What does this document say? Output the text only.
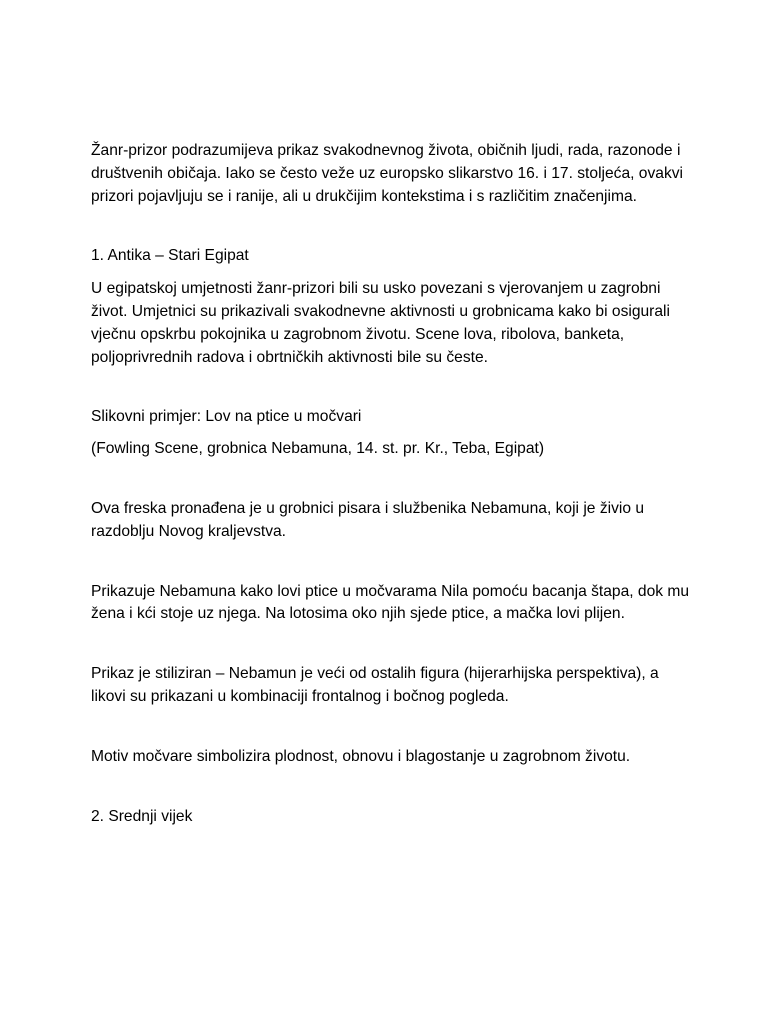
Žanr-prizor podrazumijeva prikaz svakodnevnog života, običnih ljudi, rada, razonode i društvenih običaja. Iako se često veže uz europsko slikarstvo 16. i 17. stoljeća, ovakvi prizori pojavljuju se i ranije, ali u drukčijim kontekstima i s različitim značenjima.

1. Antika – Stari Egipat

U egipatskoj umjetnosti žanr-prizori bili su usko povezani s vjerovanjem u zagrobni život. Umjetnici su prikazivali svakodnevne aktivnosti u grobnicama kako bi osigurali vječnu opskrbu pokojnika u zagrobnom životu. Scene lova, ribolova, banketa, poljoprivrednih radova i obrtničkih aktivnosti bile su česte.

Slikovni primjer: Lov na ptice u močvari

(Fowling Scene, grobnica Nebamuna, 14. st. pr. Kr., Teba, Egipat)

Ova freska pronađena je u grobnici pisara i službenika Nebamuna, koji je živio u razdoblju Novog kraljevstva.

Prikazuje Nebamuna kako lovi ptice u močvarama Nila pomoću bacanja štapa, dok mu žena i kći stoje uz njega. Na lotosima oko njih sjede ptice, a mačka lovi plijen.

Prikaz je stiliziran – Nebamun je veći od ostalih figura (hijerarhijska perspektiva), a likovi su prikazani u kombinaciji frontalnog i bočnog pogleda.

Motiv močvare simbolizira plodnost, obnovu i blagostanje u zagrobnom životu.

2. Srednji vijek
